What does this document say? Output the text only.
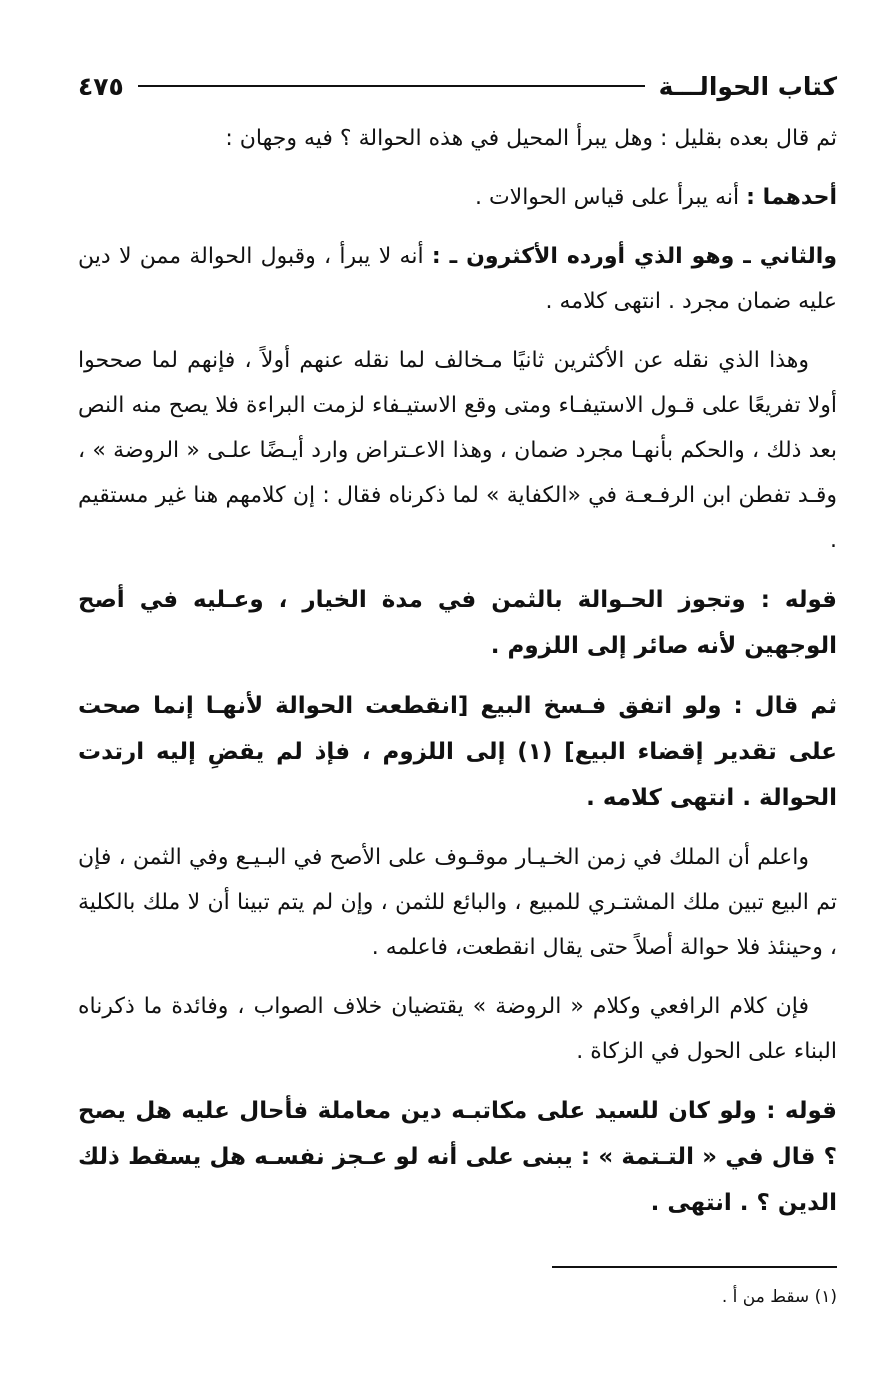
كتاب الحوالـــة
٤٧٥

ثم قال بعده بقليل : وهل يبرأ المحيل في هذه الحوالة ؟ فيه وجهان :

أحدهما : أنه يبرأ على قياس الحوالات .

والثاني ـ وهو الذي أورده الأكثرون ـ : أنه لا يبرأ ، وقبول الحوالة ممن لا دين عليه ضمان مجرد . انتهى كلامه .

وهذا الذي نقله عن الأكثرين ثانيًا مـخالف لما نقله عنهم أولاً ، فإنهم لما صححوا أولا تفريعًا على قـول الاستيفـاء ومتى وقع الاستيـفاء لزمت البراءة فلا يصح منه النص بعد ذلك ، والحكم بأنهـا مجرد ضمان ، وهذا الاعـتراض وارد أيـضًا علـى « الروضة » ، وقـد تفطن ابن الرفـعـة في «الكفاية » لما ذكرناه فقال : إن كلامهم هنا غير مستقيم .

قوله : وتجوز الحـوالة بالثمن في مدة الخيار ، وعـليه في أصح الوجهين لأنه صائر إلى اللزوم .

ثم قال : ولو اتفق فـسخ البيع [انقطعت الحوالة لأنهـا إنما صحت على تقدير إقضاء البيع] (١) إلى اللزوم ، فإذ لم يقضِ إليه ارتدت الحوالة . انتهى كلامه .

واعلم أن الملك في زمن الخـيـار موقـوف على الأصح في البـيـع وفي الثمن ، فإن تم البيع تبين ملك المشتـري للمبيع ، والبائع للثمن ، وإن لم يتم تبينا أن لا ملك بالكلية ، وحينئذ فلا حوالة أصلاً حتى يقال انقطعت، فاعلمه .

فإن كلام الرافعي وكلام « الروضة » يقتضيان خلاف الصواب ، وفائدة ما ذكرناه البناء على الحول في الزكاة .

قوله : ولو كان للسيد على مكاتبـه دين معاملة فأحال عليه هل يصح ؟ قال في « التـتمة » : يبنى على أنه لو عـجز نفسـه هل يسقط ذلك الدين ؟ . انتهى .

(١) سقط من أ .
